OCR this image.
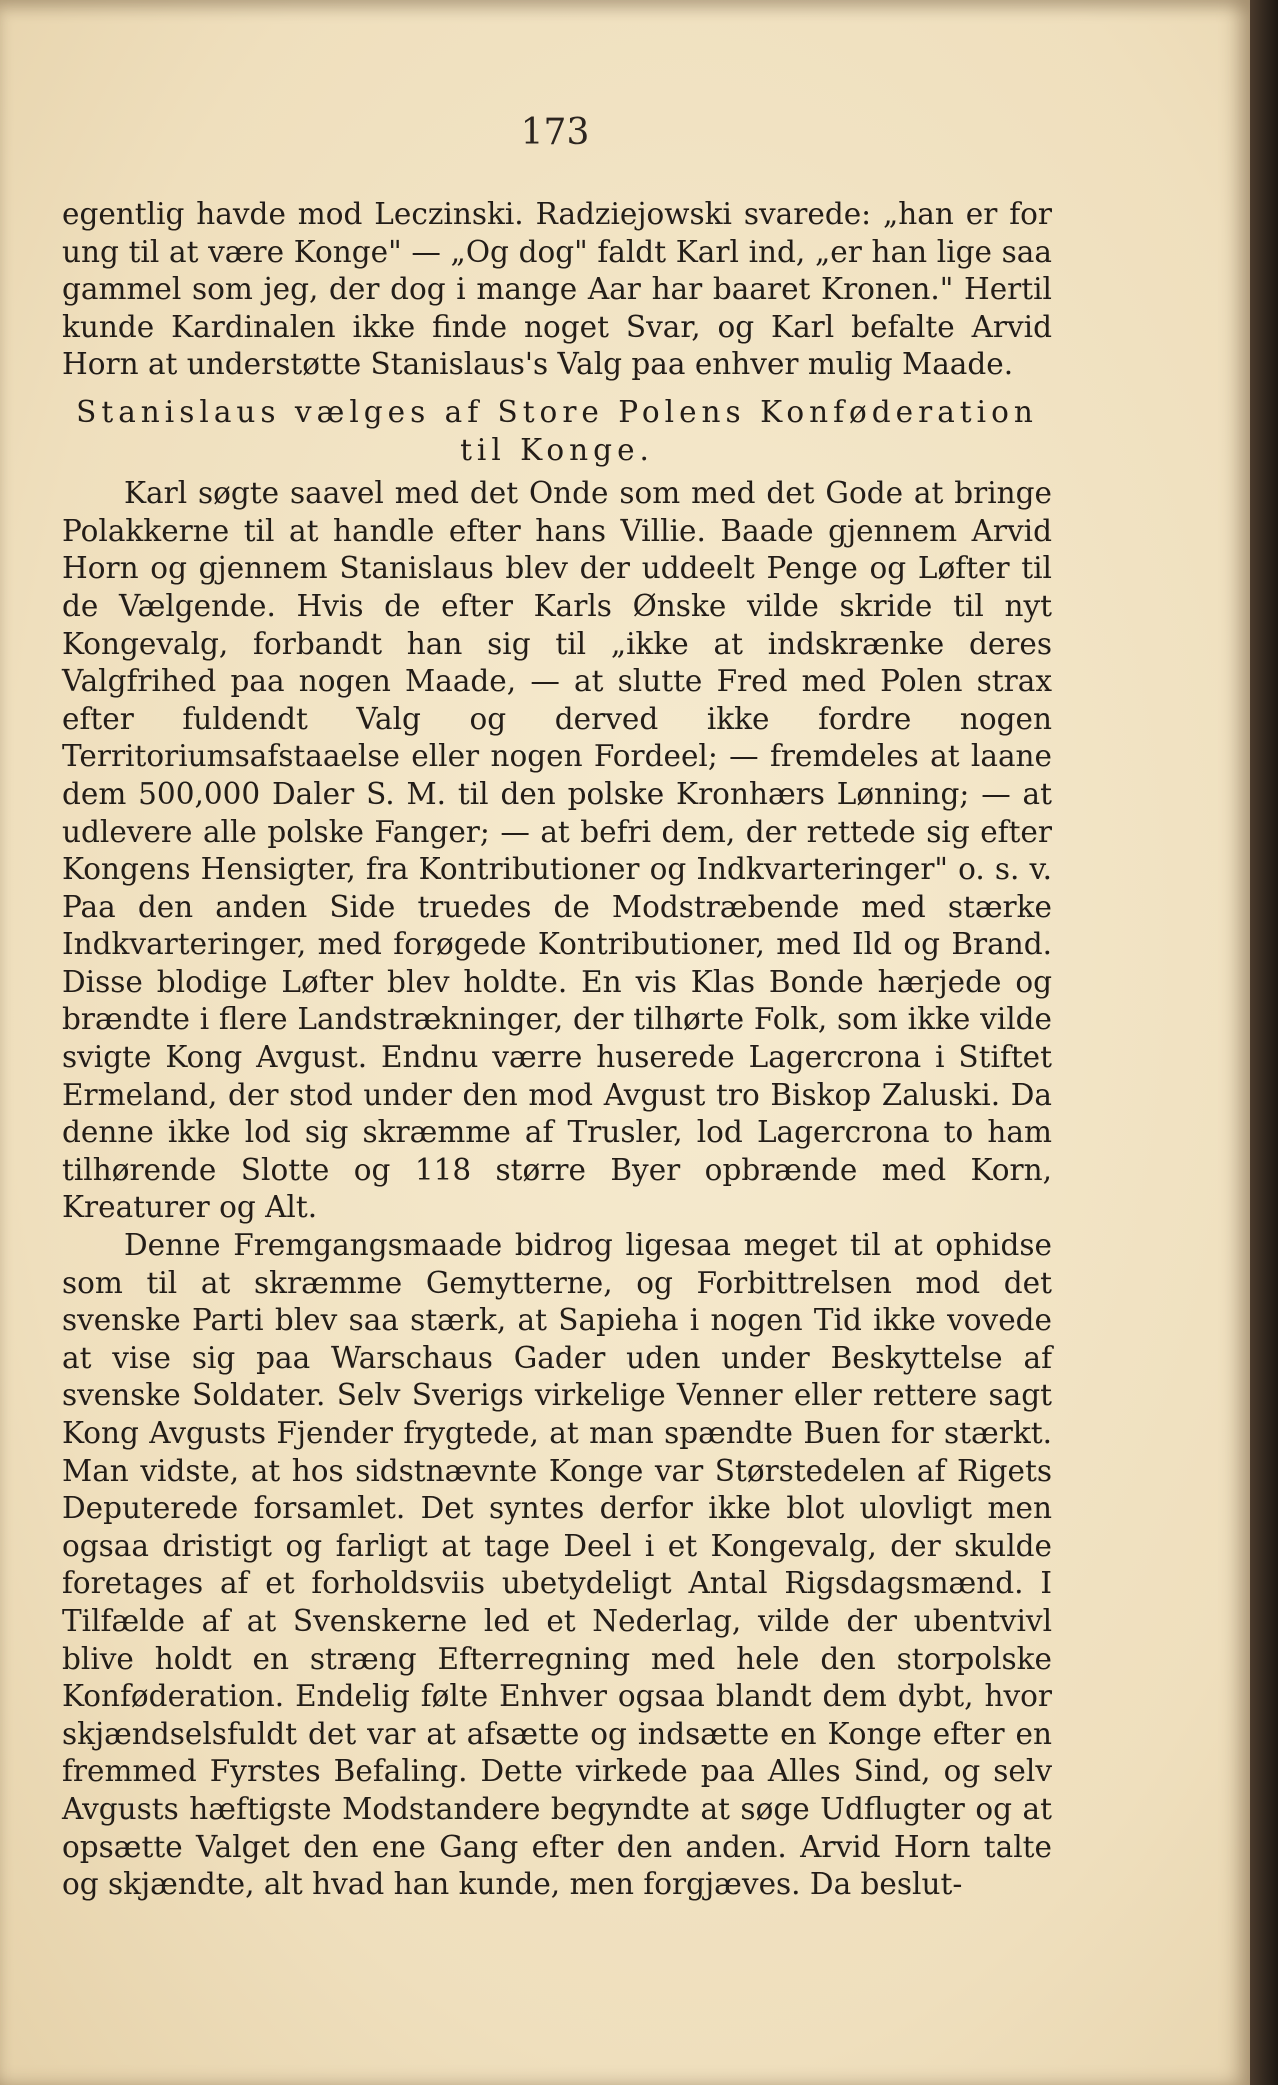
173

egentlig havde mod Leczinski. Radziejowski svarede: „han er for ung til at være Konge" — „Og dog" faldt Karl ind, „er han lige saa gammel som jeg, der dog i mange Aar har baaret Kronen." Hertil kunde Kardinalen ikke finde noget Svar, og Karl befalte Arvid Horn at understøtte Stanislaus's Valg paa enhver mulig Maade.

Stanislaus vælges af Store Polens Konføderation til Konge.

Karl søgte saavel med det Onde som med det Gode at bringe Polakkerne til at handle efter hans Villie. Baade gjennem Arvid Horn og gjennem Stanislaus blev der uddeelt Penge og Løfter til de Vælgende. Hvis de efter Karls Ønske vilde skride til nyt Kongevalg, forbandt han sig til „ikke at indskrænke deres Valgfrihed paa nogen Maade, — at slutte Fred med Polen strax efter fuldendt Valg og derved ikke fordre nogen Territoriumsafstaaelse eller nogen Fordeel; — fremdeles at laane dem 500,000 Daler S. M. til den polske Kronhærs Lønning; — at udlevere alle polske Fanger; — at befri dem, der rettede sig efter Kongens Hensigter, fra Kontributioner og Indkvarteringer" o. s. v. Paa den anden Side truedes de Modstræbende med stærke Indkvarteringer, med forøgede Kontributioner, med Ild og Brand. Disse blodige Løfter blev holdte. En vis Klas Bonde hærjede og brændte i flere Landstrækninger, der tilhørte Folk, som ikke vilde svigte Kong Avgust. Endnu værre huserede Lagercrona i Stiftet Ermeland, der stod under den mod Avgust tro Biskop Zaluski. Da denne ikke lod sig skræmme af Trusler, lod Lagercrona to ham tilhørende Slotte og 118 større Byer opbrænde med Korn, Kreaturer og Alt.

Denne Fremgangsmaade bidrog ligesaa meget til at ophidse som til at skræmme Gemytterne, og Forbittrelsen mod det svenske Parti blev saa stærk, at Sapieha i nogen Tid ikke vovede at vise sig paa Warschaus Gader uden under Beskyttelse af svenske Soldater. Selv Sverigs virkelige Venner eller rettere sagt Kong Avgusts Fjender frygtede, at man spændte Buen for stærkt. Man vidste, at hos sidstnævnte Konge var Størstedelen af Rigets Deputerede forsamlet. Det syntes derfor ikke blot ulovligt men ogsaa dristigt og farligt at tage Deel i et Kongevalg, der skulde foretages af et forholdsviis ubetydeligt Antal Rigsdagsmænd. I Tilfælde af at Svenskerne led et Nederlag, vilde der ubentvivl blive holdt en stræng Efterregning med hele den storpolske Konføderation. Endelig følte Enhver ogsaa blandt dem dybt, hvor skjændselsfuldt det var at afsætte og indsætte en Konge efter en fremmed Fyrstes Befaling. Dette virkede paa Alles Sind, og selv Avgusts hæftigste Modstandere begyndte at søge Udflugter og at opsætte Valget den ene Gang efter den anden. Arvid Horn talte og skjændte, alt hvad han kunde, men forgjæves. Da beslut-
